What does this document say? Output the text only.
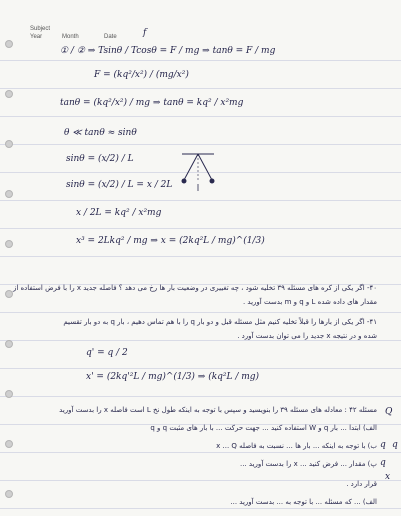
Subject
Year	Month	Date	f
① / ② ⇒ Tsinθ / Tcosθ = F / mg ⇒ tanθ = F / mg
F = (kq²/x²) / (mg/x²)
tanθ = (kq²/x²) / mg ⇒ tanθ = kq² / x²mg
θ ≪ tanθ ≈ sinθ
sinθ = (x/2) / L
sinθ = (x/2) / L = x / 2L
x / 2L = kq² / x²mg
x³ = 2Lkq² / mg ⇒ x = (2kq²L / mg)^(1/3)
q' = q / 2
x' = (2kq'²L / mg)^(1/3) ⇒ (kq²L / mg)
Q
q q
q
x
۴۰- اگر یکی از کره های مسئله ۳۹ تخلیه شود ، چه تغییری در وضعیت بار ها رخ می دهد ؟ فاصله جدید x را با فرض استفاده از
مقدار های داده شده L و q و m بدست آورید .
۴۱- اگر یکی از بارها را قبلاً تخلیه کنیم مثل مسئله قبل و دو بار q را با هم تماس دهیم ، بار q به دو بار تقسیم
شده و در نتیجه x جدید را می توان بدست آورد .
مسئله ۴۲ : معادله های مسئله ۳۹ را بنویسید و سپس با توجه به اینکه طول نخ L است فاصله x را بدست آورید
الف) ابتدا ... بار q و W استفاده کنید ... جهت حرکت ... با بار های مثبت q و q
ب) با توجه به اینکه ... بار ها ... نسبت به فاصله x ... Q
پ) مقدار ... فرض کنید ... x را بدست آورید ...
قرار دارد .
الف) ... که مسئله ... با توجه به ... بدست آورید ...
